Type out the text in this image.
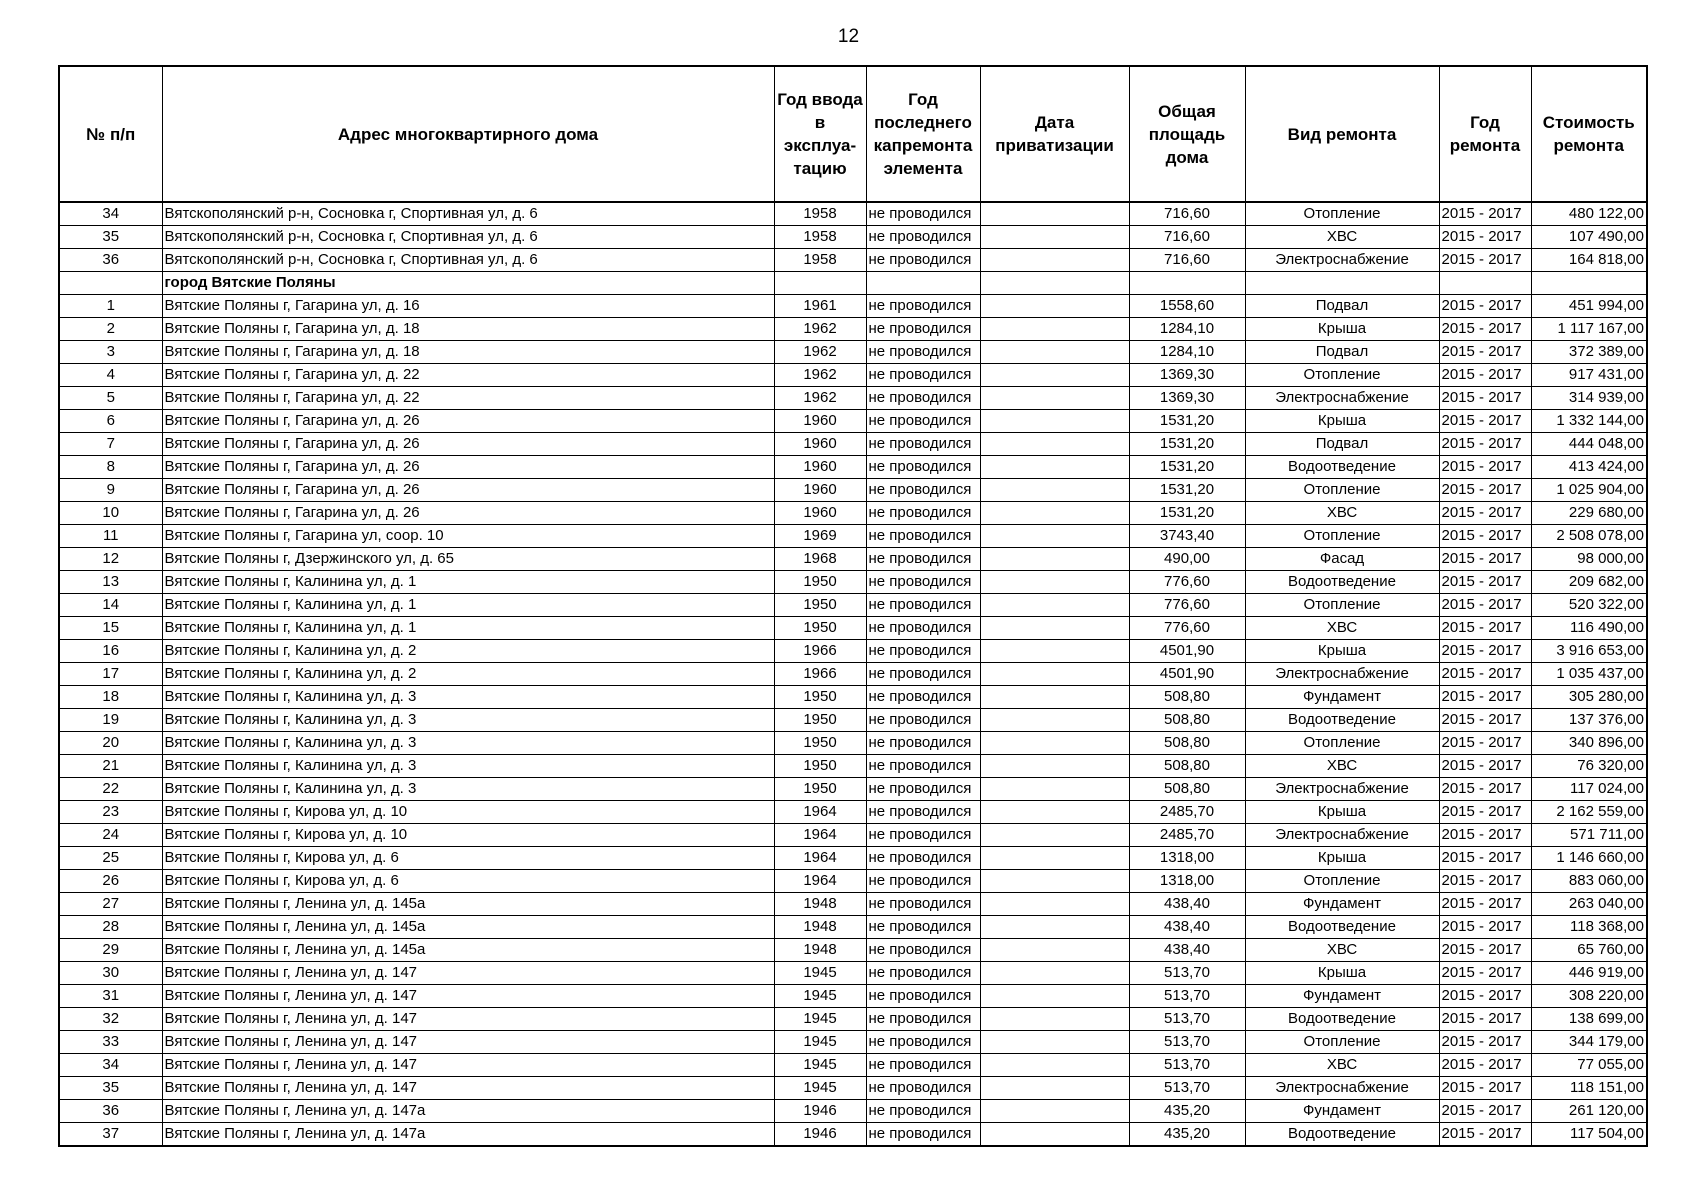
12
№ п/п	Адрес многоквартирного дома	Год ввода в эксплуа- тацию	Год последнего капремонта элемента	Дата приватизации	Общая площадь дома	Вид ремонта	Год ремонта	Стоимость ремонта
34	Вятскополянский р-н, Сосновка г, Спортивная ул, д. 6	1958	не проводился		716,60	Отопление	2015 - 2017	480 122,00
35	Вятскополянский р-н, Сосновка г, Спортивная ул, д. 6	1958	не проводился		716,60	ХВС	2015 - 2017	107 490,00
36	Вятскополянский р-н, Сосновка г, Спортивная ул, д. 6	1958	не проводился		716,60	Электроснабжение	2015 - 2017	164 818,00
	город Вятские Поляны							
1	Вятские Поляны г, Гагарина ул, д. 16	1961	не проводился		1558,60	Подвал	2015 - 2017	451 994,00
2	Вятские Поляны г, Гагарина ул, д. 18	1962	не проводился		1284,10	Крыша	2015 - 2017	1 117 167,00
3	Вятские Поляны г, Гагарина ул, д. 18	1962	не проводился		1284,10	Подвал	2015 - 2017	372 389,00
4	Вятские Поляны г, Гагарина ул, д. 22	1962	не проводился		1369,30	Отопление	2015 - 2017	917 431,00
5	Вятские Поляны г, Гагарина ул, д. 22	1962	не проводился		1369,30	Электроснабжение	2015 - 2017	314 939,00
6	Вятские Поляны г, Гагарина ул, д. 26	1960	не проводился		1531,20	Крыша	2015 - 2017	1 332 144,00
7	Вятские Поляны г, Гагарина ул, д. 26	1960	не проводился		1531,20	Подвал	2015 - 2017	444 048,00
8	Вятские Поляны г, Гагарина ул, д. 26	1960	не проводился		1531,20	Водоотведение	2015 - 2017	413 424,00
9	Вятские Поляны г, Гагарина ул, д. 26	1960	не проводился		1531,20	Отопление	2015 - 2017	1 025 904,00
10	Вятские Поляны г, Гагарина ул, д. 26	1960	не проводился		1531,20	ХВС	2015 - 2017	229 680,00
11	Вятские Поляны г, Гагарина ул, соор. 10	1969	не проводился		3743,40	Отопление	2015 - 2017	2 508 078,00
12	Вятские Поляны г, Дзержинского ул, д. 65	1968	не проводился		490,00	Фасад	2015 - 2017	98 000,00
13	Вятские Поляны г, Калинина ул, д. 1	1950	не проводился		776,60	Водоотведение	2015 - 2017	209 682,00
14	Вятские Поляны г, Калинина ул, д. 1	1950	не проводился		776,60	Отопление	2015 - 2017	520 322,00
15	Вятские Поляны г, Калинина ул, д. 1	1950	не проводился		776,60	ХВС	2015 - 2017	116 490,00
16	Вятские Поляны г, Калинина ул, д. 2	1966	не проводился		4501,90	Крыша	2015 - 2017	3 916 653,00
17	Вятские Поляны г, Калинина ул, д. 2	1966	не проводился		4501,90	Электроснабжение	2015 - 2017	1 035 437,00
18	Вятские Поляны г, Калинина ул, д. 3	1950	не проводился		508,80	Фундамент	2015 - 2017	305 280,00
19	Вятские Поляны г, Калинина ул, д. 3	1950	не проводился		508,80	Водоотведение	2015 - 2017	137 376,00
20	Вятские Поляны г, Калинина ул, д. 3	1950	не проводился		508,80	Отопление	2015 - 2017	340 896,00
21	Вятские Поляны г, Калинина ул, д. 3	1950	не проводился		508,80	ХВС	2015 - 2017	76 320,00
22	Вятские Поляны г, Калинина ул, д. 3	1950	не проводился		508,80	Электроснабжение	2015 - 2017	117 024,00
23	Вятские Поляны г, Кирова ул, д. 10	1964	не проводился		2485,70	Крыша	2015 - 2017	2 162 559,00
24	Вятские Поляны г, Кирова ул, д. 10	1964	не проводился		2485,70	Электроснабжение	2015 - 2017	571 711,00
25	Вятские Поляны г, Кирова ул, д. 6	1964	не проводился		1318,00	Крыша	2015 - 2017	1 146 660,00
26	Вятские Поляны г, Кирова ул, д. 6	1964	не проводился		1318,00	Отопление	2015 - 2017	883 060,00
27	Вятские Поляны г, Ленина ул, д. 145а	1948	не проводился		438,40	Фундамент	2015 - 2017	263 040,00
28	Вятские Поляны г, Ленина ул, д. 145а	1948	не проводился		438,40	Водоотведение	2015 - 2017	118 368,00
29	Вятские Поляны г, Ленина ул, д. 145а	1948	не проводился		438,40	ХВС	2015 - 2017	65 760,00
30	Вятские Поляны г, Ленина ул, д. 147	1945	не проводился		513,70	Крыша	2015 - 2017	446 919,00
31	Вятские Поляны г, Ленина ул, д. 147	1945	не проводился		513,70	Фундамент	2015 - 2017	308 220,00
32	Вятские Поляны г, Ленина ул, д. 147	1945	не проводился		513,70	Водоотведение	2015 - 2017	138 699,00
33	Вятские Поляны г, Ленина ул, д. 147	1945	не проводился		513,70	Отопление	2015 - 2017	344 179,00
34	Вятские Поляны г, Ленина ул, д. 147	1945	не проводился		513,70	ХВС	2015 - 2017	77 055,00
35	Вятские Поляны г, Ленина ул, д. 147	1945	не проводился		513,70	Электроснабжение	2015 - 2017	118 151,00
36	Вятские Поляны г, Ленина ул, д. 147а	1946	не проводился		435,20	Фундамент	2015 - 2017	261 120,00
37	Вятские Поляны г, Ленина ул, д. 147а	1946	не проводился		435,20	Водоотведение	2015 - 2017	117 504,00
